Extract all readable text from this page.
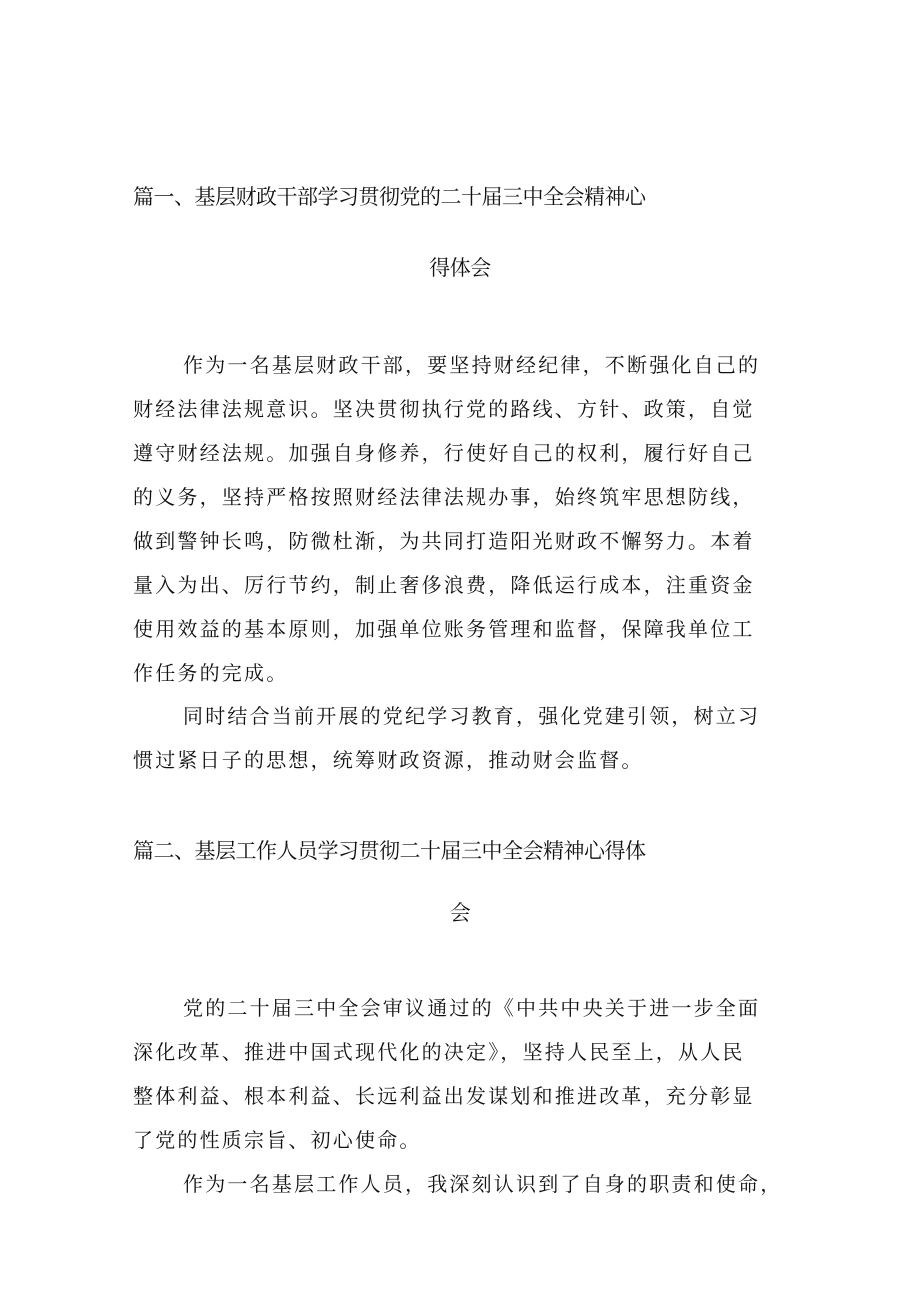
篇一、基层财政干部学习贯彻党的二十届三中全会精神心
得体会
作为一名基层财政干部，要坚持财经纪律，不断强化自己的
财经法律法规意识。坚决贯彻执行党的路线、方针、政策，自觉
遵守财经法规。加强自身修养，行使好自己的权利，履行好自己
的义务，坚持严格按照财经法律法规办事，始终筑牢思想防线，
做到警钟长鸣，防微杜渐，为共同打造阳光财政不懈努力。本着
量入为出、厉行节约，制止奢侈浪费，降低运行成本，注重资金
使用效益的基本原则，加强单位账务管理和监督，保障我单位工
作任务的完成。
同时结合当前开展的党纪学习教育，强化党建引领，树立习
惯过紧日子的思想，统筹财政资源，推动财会监督。
篇二、基层工作人员学习贯彻二十届三中全会精神心得体
会
党的二十届三中全会审议通过的《中共中央关于进一步全面
深化改革、推进中国式现代化的决定》，坚持人民至上，从人民
整体利益、根本利益、长远利益出发谋划和推进改革，充分彰显
了党的性质宗旨、初心使命。
作为一名基层工作人员，我深刻认识到了自身的职责和使命，
